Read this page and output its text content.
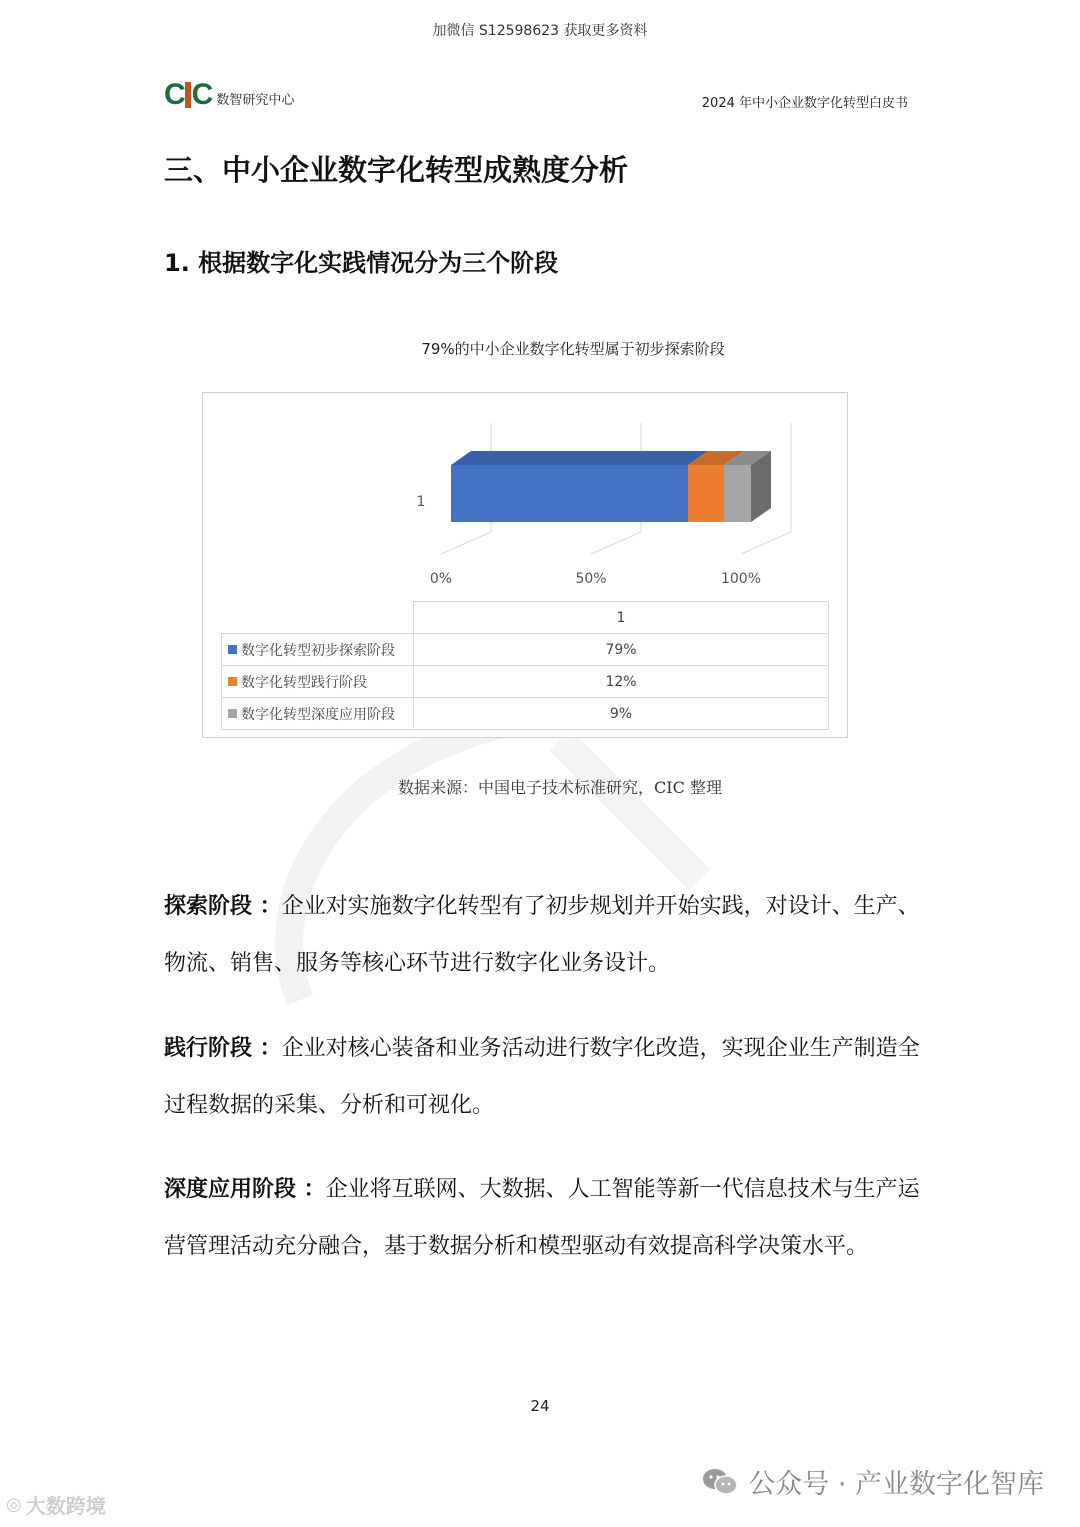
加微信 S12598623 获取更多资料
C C 数智研究中心	2024 年中小企业数字化转型白皮书
三、中小企业数字化转型成熟度分析
1. 根据数字化实践情况分为三个阶段
79%的中小企业数字化转型属于初步探索阶段
0%	50%	100%
1
	1
数字化转型初步探索阶段	79%
数字化转型践行阶段	12%
数字化转型深度应用阶段	9%
数据来源：中国电子技术标准研究，CIC 整理
探索阶段 ：企业对实施数字化转型有了初步规划并开始实践，对设计、生产、物流、销售、服务等核心环节进行数字化业务设计。
践行阶段 ：企业对核心装备和业务活动进行数字化改造，实现企业生产制造全过程数据的采集、分析和可视化。
深度应用阶段 ：企业将互联网、大数据、人工智能等新一代信息技术与生产运营管理活动充分融合，基于数据分析和模型驱动有效提高科学决策水平。
24
公众号 · 产业数字化智库
◎ 大数跨境
